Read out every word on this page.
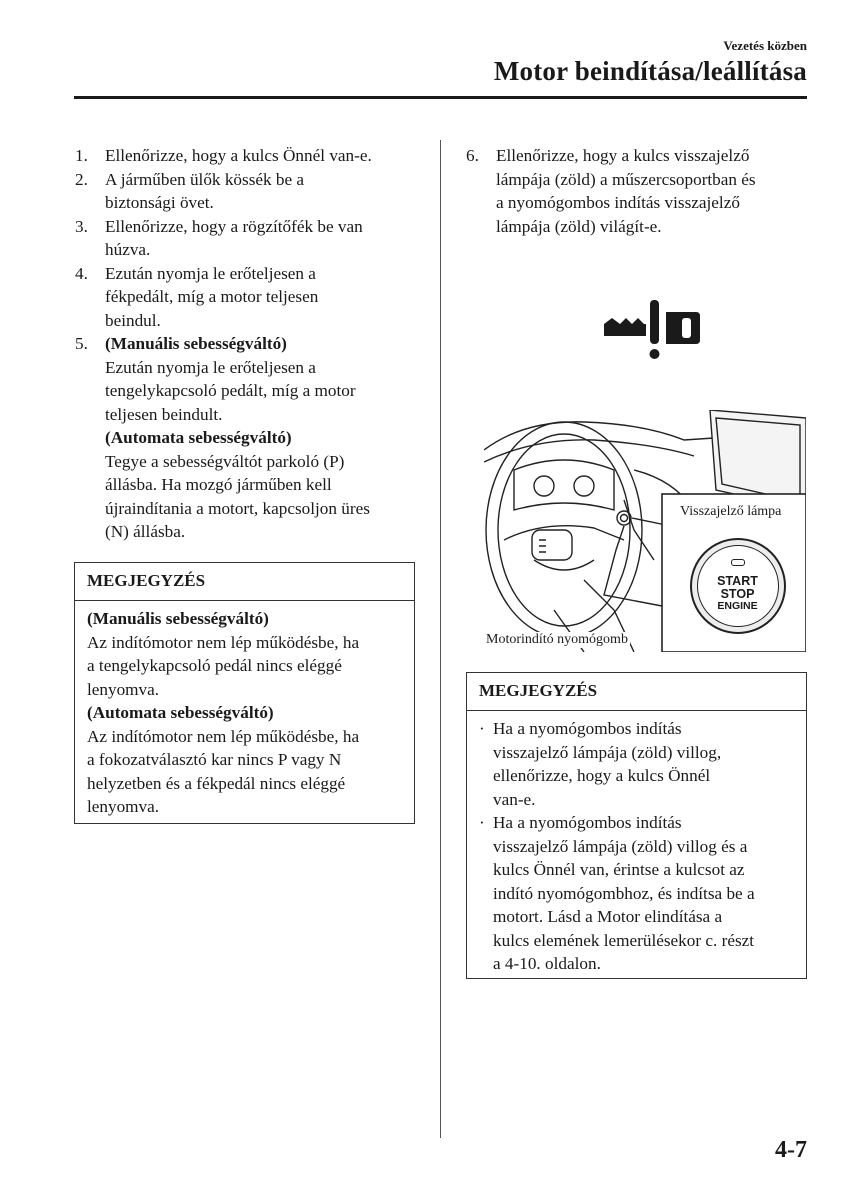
Vezetés közben
Motor beindítása/leállítása
1. Ellenőrizze, hogy a kulcs Önnél van-e.
2. A járműben ülők kössék be a
biztonsági övet.
3. Ellenőrizze, hogy a rögzítőfék be van
húzva.
4. Ezután nyomja le erőteljesen a
fékpedált, míg a motor teljesen
beindul.
5. (Manuális sebességváltó)
Ezután nyomja le erőteljesen a
tengelykapcsoló pedált, míg a motor
teljesen beindult.
(Automata sebességváltó)
Tegye a sebességváltót parkoló (P)
állásba. Ha mozgó járműben kell
újraindítania a motort, kapcsoljon üres
(N) állásba.
MEGJEGYZÉS

(Manuális sebességváltó)

Az indítómotor nem lép működésbe, ha

a tengelykapcsoló pedál nincs eléggé

lenyomva.

(Automata sebességváltó)

Az indítómotor nem lép működésbe, ha

a fokozatválasztó kar nincs P vagy N

helyzetben és a fékpedál nincs eléggé

lenyomva.

6. Ellenőrizze, hogy a kulcs visszajelző
lámpája (zöld) a műszercsoportban és
a nyomógombos indítás visszajelző
lámpája (zöld) világít-e.
START
STOP
ENGINE
Visszajelző lámpa
Motorindító nyomógomb
MEGJEGYZÉS
· Ha a nyomógombos indítás

visszajelző lámpája (zöld) villog,

ellenőrizze, hogy a kulcs Önnél

van-e.

· Ha a nyomógombos indítás

visszajelző lámpája (zöld) villog és a

kulcs Önnél van, érintse a kulcsot az

indító nyomógombhoz, és indítsa be a

motort. Lásd a Motor elindítása a

kulcs elemének lemerülésekor c. részt

a 4-10. oldalon.

4-7
